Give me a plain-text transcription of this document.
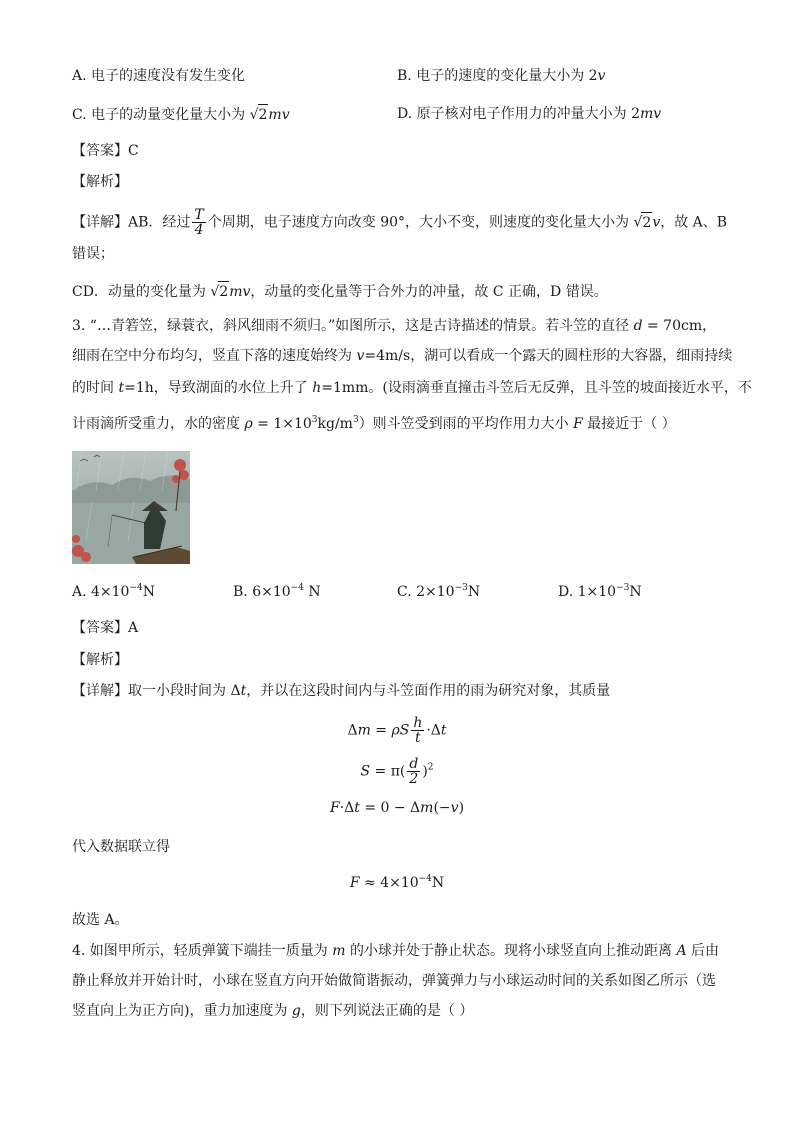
A. 电子的速度没有发生变化	B. 电子的速度的变化量大小为 2v
C. 电子的动量变化量大小为 √2mv	D. 原子核对电子作用力的冲量大小为 2mv
【答案】C
【解析】
【详解】AB．经过 $\frac{T}{4}$ 个周期，电子速度方向改变 90°，大小不变，则速度的变化量大小为 √2v，故 A、B
错误；
CD．动量的变化量为 √2mv，动量的变化量等于合外力的冲量，故 C 正确，D 错误。
3. “…青箬笠，绿蓑衣，斜风细雨不须归。”如图所示，这是古诗描述的情景。若斗笠的直径 d = 70cm，
细雨在空中分布均匀，竖直下落的速度始终为 v=4m/s，湖可以看成一个露天的圆柱形的大容器，细雨持续
的时间 t=1h，导致湖面的水位上升了 h=1mm。(设雨滴垂直撞击斗笠后无反弹，且斗笠的坡面接近水平，不
计雨滴所受重力，水的密度 $\rho = 1\times 10^3kg/m^3$）则斗笠受到雨的平均作用力大小 F 最接近于（ ）
A. $4\times 10^{-4}N$	B. $6\times 10^{-4}$ N	C. $2\times 10^{-3}N$	D. $1\times 10^{-3}N$
【答案】A
【解析】
【详解】取一小段时间为 Δt，并以在这段时间内与斗笠面作用的雨为研究对象，其质量
Δm = ρS $\frac{h}{t} \cdot\Delta t$
$S = \pi( \frac{d}{2} )^2$
F·Δt = 0 − Δm(−v)
代入数据联立得
$F \approx 4\times 10^{-4}N$
故选 A。
4. 如图甲所示，轻质弹簧下端挂一质量为 m 的小球并处于静止状态。现将小球竖直向上推动距离 A 后由
静止释放并开始计时，小球在竖直方向开始做简谐振动，弹簧弹力与小球运动时间的关系如图乙所示（选
竖直向上为正方向)，重力加速度为 g，则下列说法正确的是（ ）
